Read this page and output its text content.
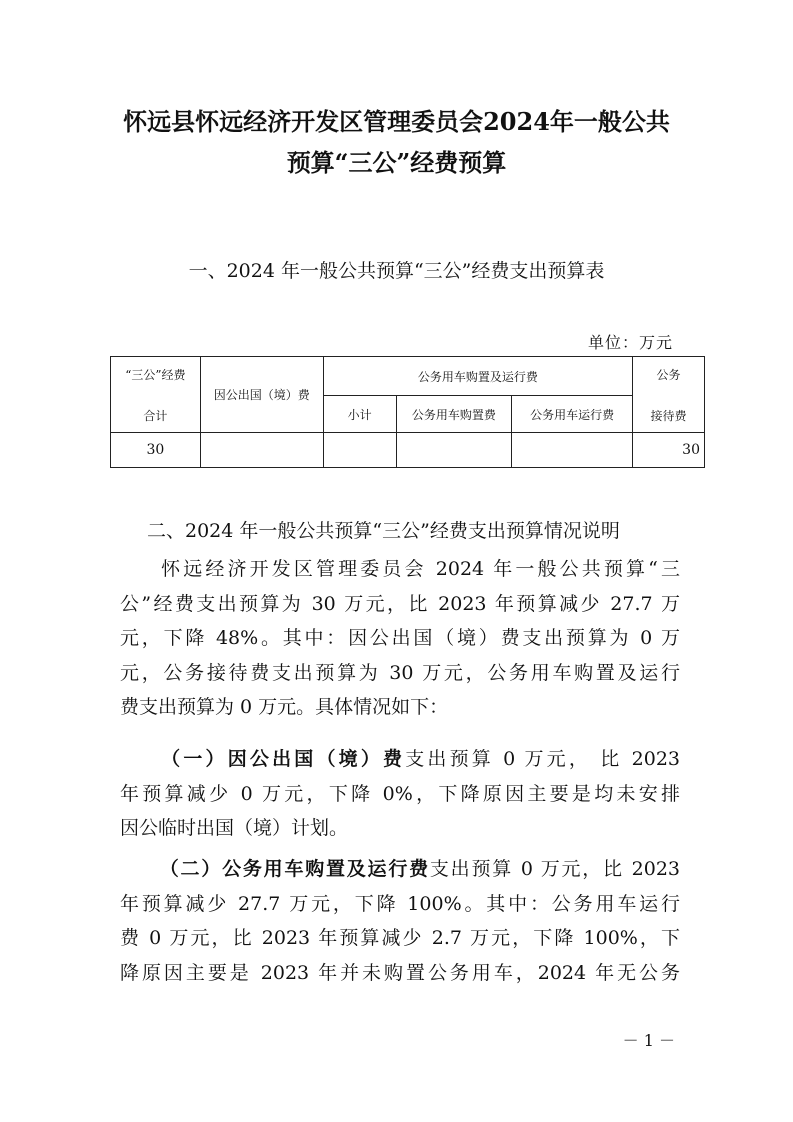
怀远县怀远经济开发区管理委员会2024年一般公共
预算“三公”经费预算
一、2024 年一般公共预算“三公”经费支出预算表
单位：万元
“三公”经费
合计	因公出国（境）费	公务用车购置及运行费			公务
接待费

		小计	公务用车购置费	公务用车运行费	
30					30
二、2024 年一般公共预算“三公”经费支出预算情况说明
怀远经济开发区管理委员会 2024 年一般公共预算“三
公”经费支出预算为 30 万元，比 2023 年预算减少 27.7 万
元，下降 48%。其中：因公出国（境）费支出预算为 0 万
元，公务接待费支出预算为 30 万元，公务用车购置及运行
费支出预算为 0 万元。具体情况如下：
（一）因公出国（境）费支出预算 0 万元， 比 2023
年预算减少 0 万元，下降 0%，下降原因主要是均未安排
因公临时出国（境）计划。
（二）公务用车购置及运行费支出预算 0 万元，比 2023
年预算减少 27.7 万元，下降 100%。其中：公务用车运行
费 0 万元，比 2023 年预算减少 2.7 万元，下降 100%，下
降原因主要是 2023 年并未购置公务用车，2024 年无公务
－ 1 －
